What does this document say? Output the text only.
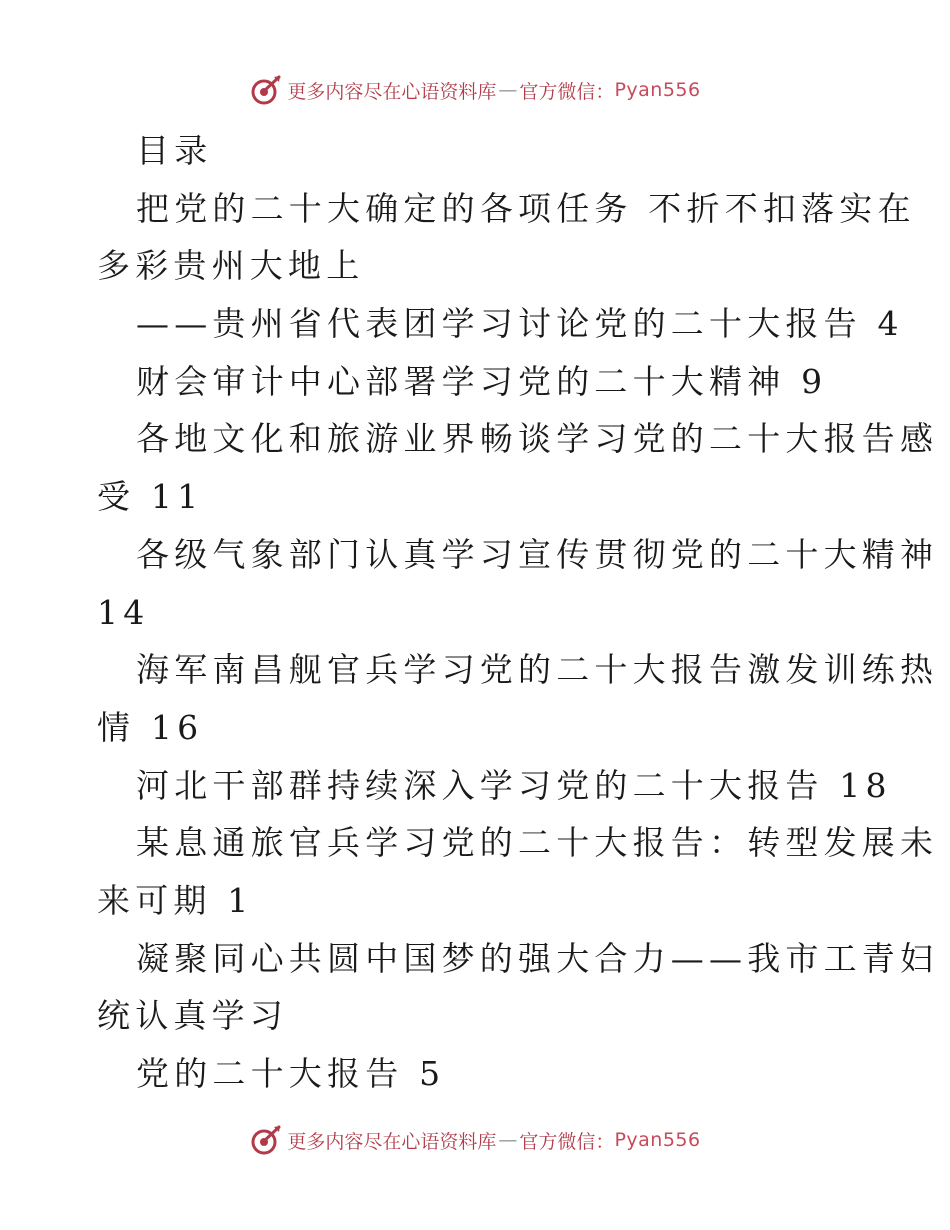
更多内容尽在心语资料库 — 官方微信： Pyan556
目录
把党的二十大确定的各项任务 不折不扣落实在
多彩贵州大地上
——贵州省代表团学习讨论党的二十大报告 4
财会审计中心部署学习党的二十大精神 9
各地文化和旅游业界畅谈学习党的二十大报告感
受 11
各级气象部门认真学习宣传贯彻党的二十大精神
14
海军南昌舰官兵学习党的二十大报告激发训练热
情 16
河北干部群持续深入学习党的二十大报告 18
某息通旅官兵学习党的二十大报告：转型发展未
来可期 1
凝聚同心共圆中国梦的强大合力——我市工青妇
统认真学习
党的二十大报告 5
更多内容尽在心语资料库 — 官方微信： Pyan556
